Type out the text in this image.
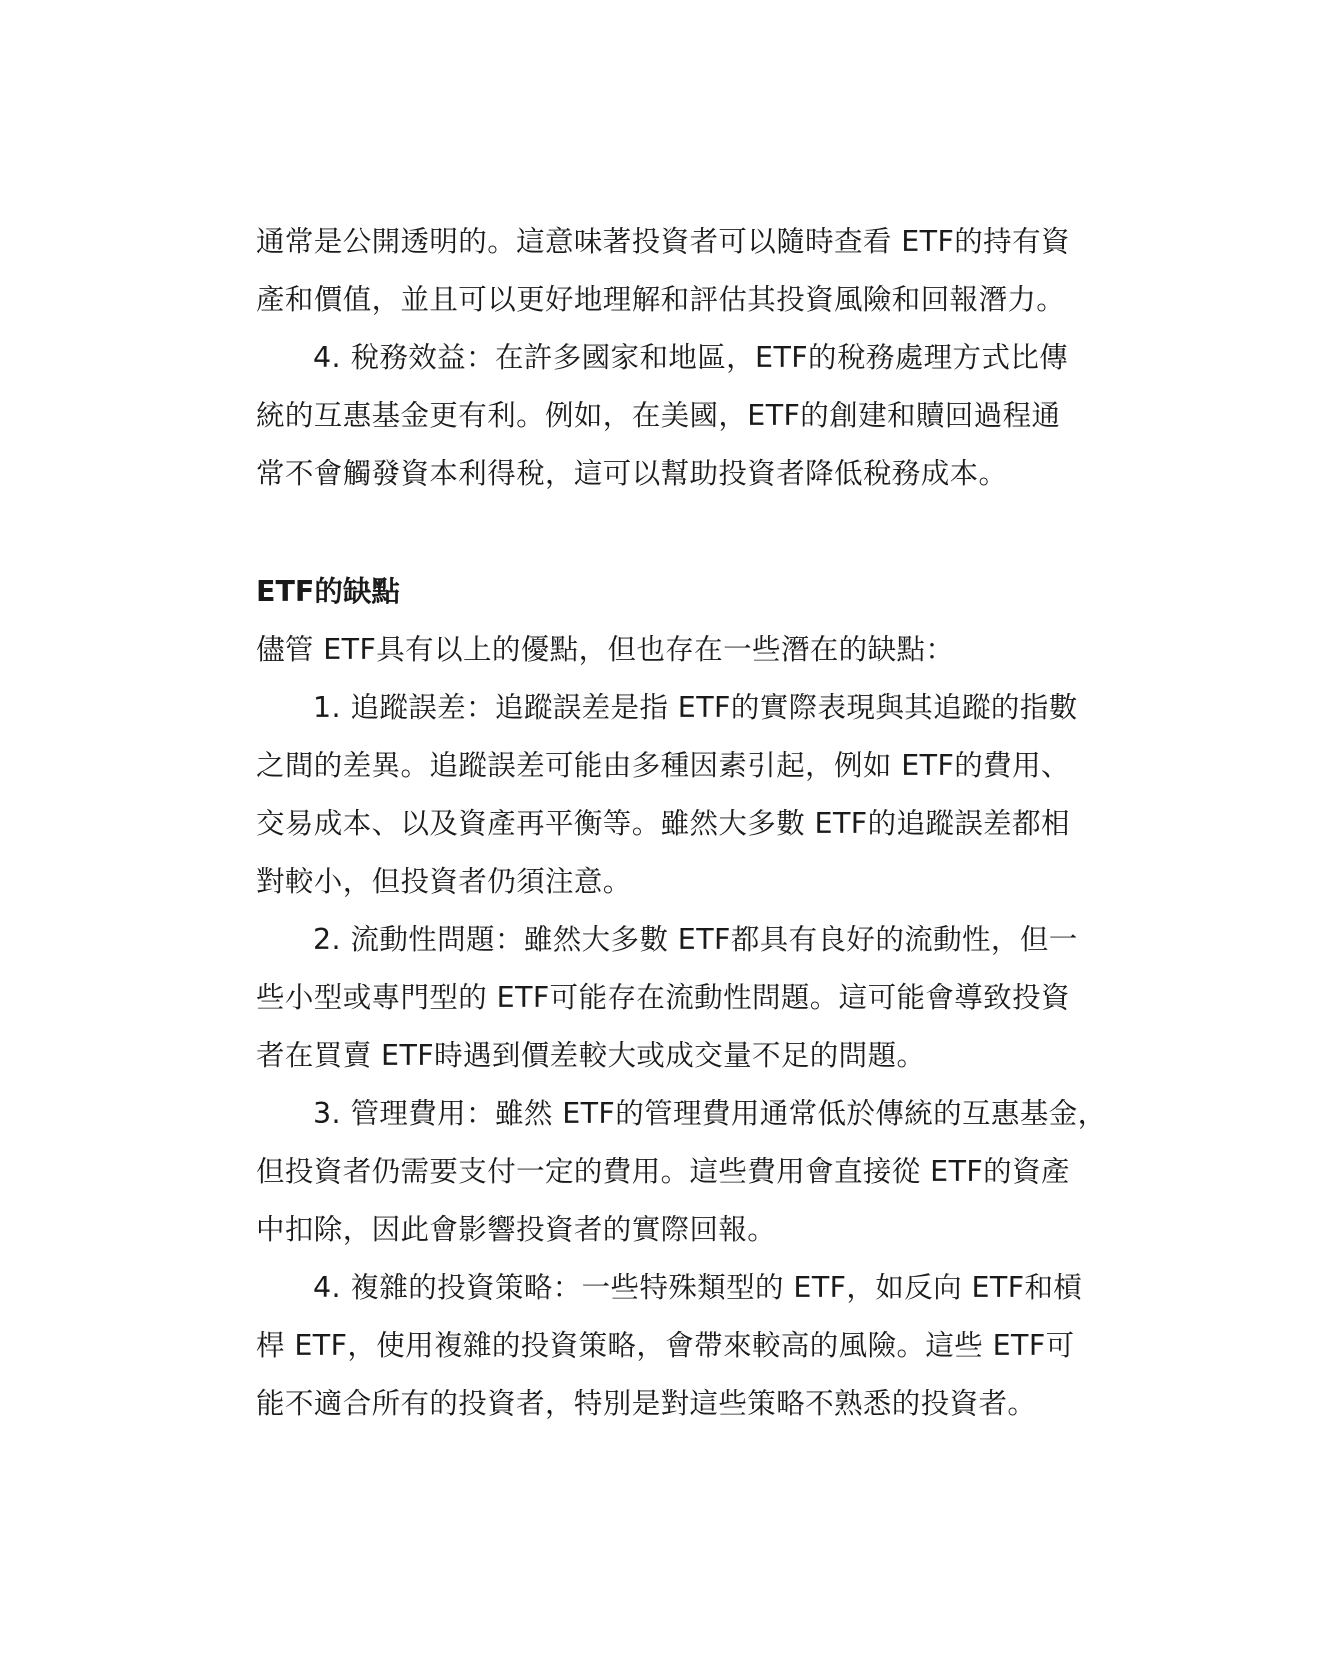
通常是公開透明的。這意味著投資者可以隨時查看 ETF的持有資
產和價值，並且可以更好地理解和評估其投資風險和回報潛力。
4. 稅務效益：在許多國家和地區，ETF的稅務處理方式比傳
統的互惠基金更有利。例如，在美國，ETF的創建和贖回過程通
常不會觸發資本利得稅，這可以幫助投資者降低稅務成本。
ETF的缺點
儘管 ETF具有以上的優點，但也存在一些潛在的缺點：
1. 追蹤誤差：追蹤誤差是指 ETF的實際表現與其追蹤的指數
之間的差異。追蹤誤差可能由多種因素引起，例如 ETF的費用、
交易成本、以及資產再平衡等。雖然大多數 ETF的追蹤誤差都相
對較小，但投資者仍須注意。
2. 流動性問題：雖然大多數 ETF都具有良好的流動性，但一
些小型或專門型的 ETF可能存在流動性問題。這可能會導致投資
者在買賣 ETF時遇到價差較大或成交量不足的問題。
3. 管理費用：雖然 ETF的管理費用通常低於傳統的互惠基金，
但投資者仍需要支付一定的費用。這些費用會直接從 ETF的資產
中扣除，因此會影響投資者的實際回報。
4. 複雜的投資策略：一些特殊類型的 ETF，如反向 ETF和槓
桿 ETF，使用複雜的投資策略，會帶來較高的風險。這些 ETF可
能不適合所有的投資者，特別是對這些策略不熟悉的投資者。
